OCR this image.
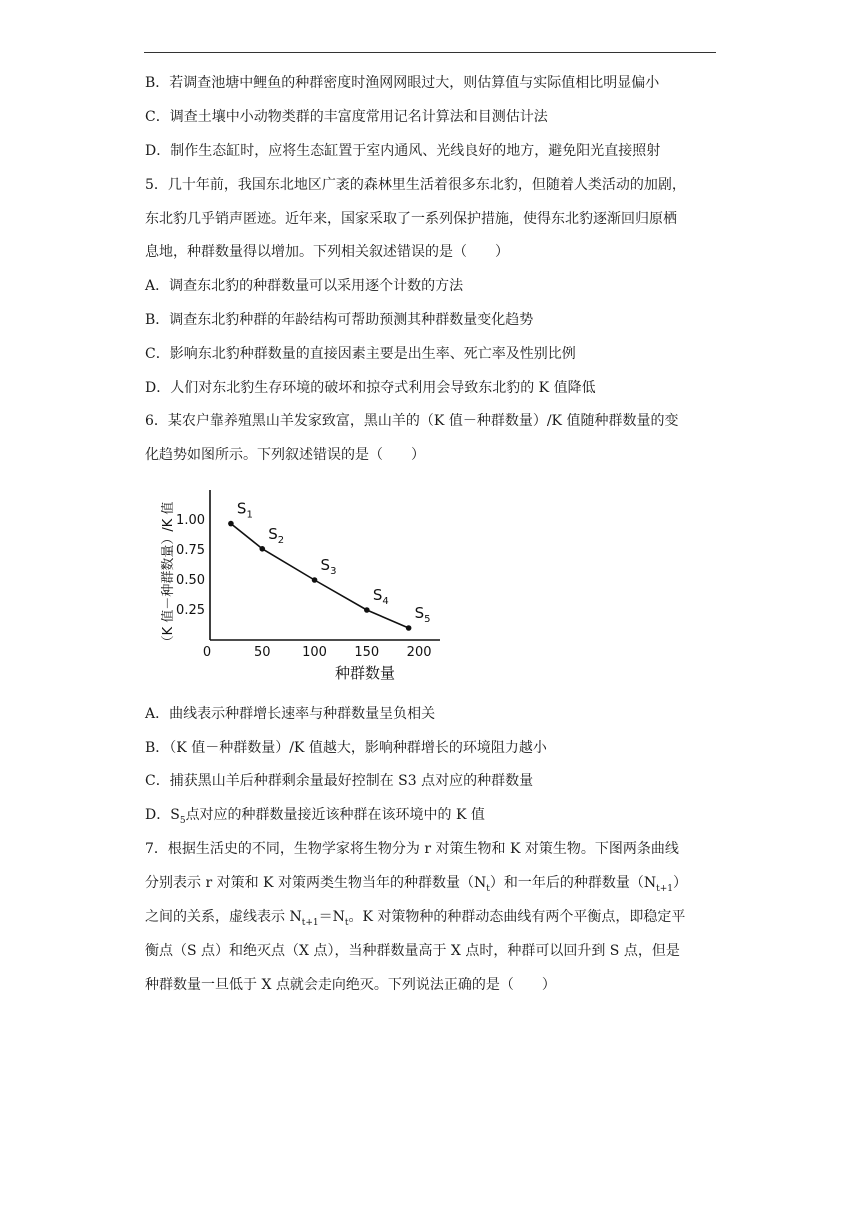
B．若调查池塘中鲤鱼的种群密度时渔网网眼过大，则估算值与实际值相比明显偏小
C．调查土壤中小动物类群的丰富度常用记名计算法和目测估计法
D．制作生态缸时，应将生态缸置于室内通风、光线良好的地方，避免阳光直接照射
5．几十年前，我国东北地区广袤的森林里生活着很多东北豹，但随着人类活动的加剧，
东北豹几乎销声匿迹。近年来，国家采取了一系列保护措施，使得东北豹逐渐回归原栖
息地，种群数量得以增加。下列相关叙述错误的是（　　）
A．调查东北豹的种群数量可以采用逐个计数的方法
B．调查东北豹种群的年龄结构可帮助预测其种群数量变化趋势
C．影响东北豹种群数量的直接因素主要是出生率、死亡率及性别比例
D．人们对东北豹生存环境的破坏和掠夺式利用会导致东北豹的 K 值降低
6．某农户靠养殖黑山羊发家致富，黑山羊的（K 值－种群数量）/K 值随种群数量的变
化趋势如图所示。下列叙述错误的是（　　）
0	50 100 150 200
0.25
0.50
0.75
1.00
$S_1$
$S_2$
$S_3$
$S_4$
$S_5$
种群数量
（K 值－种群数量）/K 值
A．曲线表示种群增长速率与种群数量呈负相关
B．（K 值－种群数量）/K 值越大，影响种群增长的环境阻力越小
C．捕获黑山羊后种群剩余量最好控制在 S3 点对应的种群数量
D．$S_5$点对应的种群数量接近该种群在该环境中的 K 值
7．根据生活史的不同，生物学家将生物分为 r 对策生物和 K 对策生物。下图两条曲线
分别表示 r 对策和 K 对策两类生物当年的种群数量$(N_t)$和一年后的种群数量$(N_{t+1})$
之间的关系，虚线表示 $N_{t+1}=N_t$。K 对策物种的种群动态曲线有两个平衡点，即稳定平
衡点（S 点）和绝灭点（X 点），当种群数量高于 X 点时，种群可以回升到 S 点，但是
种群数量一旦低于 X 点就会走向绝灭。下列说法正确的是（　　）
